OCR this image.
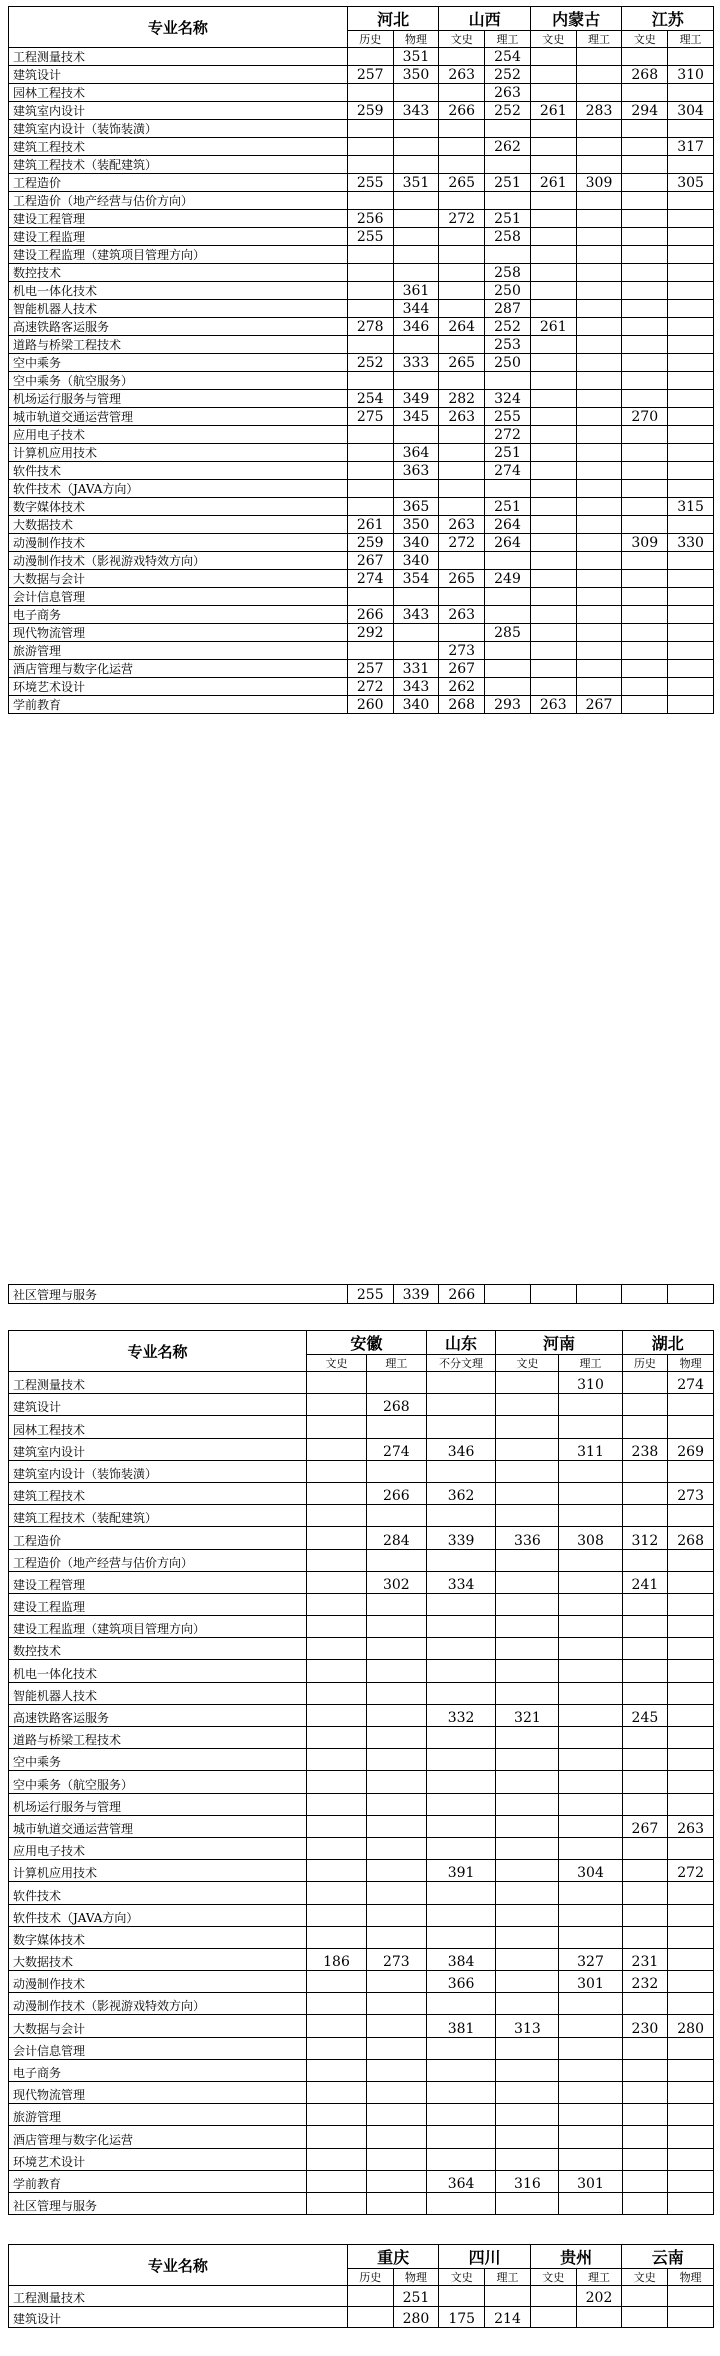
专业名称	河北		山西		内蒙古		江苏	
	历史	物理	文史	理工	文史	理工	文史	理工
工程测量技术		351		254				
建筑设计	257	350	263	252			268	310
园林工程技术				263				
建筑室内设计	259	343	266	252	261	283	294	304
建筑室内设计（装饰装潢）								
建筑工程技术				262				317
建筑工程技术（装配建筑）								
工程造价	255	351	265	251	261	309		305
工程造价（地产经营与估价方向）								
建设工程管理	256		272	251				
建设工程监理	255			258				
建设工程监理（建筑项目管理方向）								
数控技术				258				
机电一体化技术		361		250				
智能机器人技术		344		287				
高速铁路客运服务	278	346	264	252	261			
道路与桥梁工程技术				253				
空中乘务	252	333	265	250				
空中乘务（航空服务）								
机场运行服务与管理	254	349	282	324				
城市轨道交通运营管理	275	345	263	255			270	
应用电子技术				272				
计算机应用技术		364		251				
软件技术		363		274				
软件技术（JAVA方向）								
数字媒体技术		365		251				315
大数据技术	261	350	263	264				
动漫制作技术	259	340	272	264			309	330
动漫制作技术（影视游戏特效方向）	267	340						
大数据与会计	274	354	265	249				
会计信息管理								
电子商务	266	343	263					
现代物流管理	292			285				
旅游管理			273					
酒店管理与数字化运营	257	331	267					
环境艺术设计	272	343	262					
学前教育	260	340	268	293	263	267		
社区管理与服务	255	339	266					
专业名称	安徽		山东	河南		湖北	
	文史	理工	不分文理	文史	理工	历史	物理
工程测量技术					310		274
建筑设计		268					
园林工程技术							
建筑室内设计		274	346		311	238	269
建筑室内设计（装饰装潢）							
建筑工程技术		266	362				273
建筑工程技术（装配建筑）							
工程造价		284	339	336	308	312	268
工程造价（地产经营与估价方向）							
建设工程管理		302	334			241	
建设工程监理							
建设工程监理（建筑项目管理方向）							
数控技术							
机电一体化技术							
智能机器人技术							
高速铁路客运服务			332	321		245	
道路与桥梁工程技术							
空中乘务							
空中乘务（航空服务）							
机场运行服务与管理							
城市轨道交通运营管理						267	263
应用电子技术							
计算机应用技术			391		304		272
软件技术							
软件技术（JAVA方向）							
数字媒体技术							
大数据技术	186	273	384		327	231	
动漫制作技术			366		301	232	
动漫制作技术（影视游戏特效方向）							
大数据与会计			381	313		230	280
会计信息管理							
电子商务							
现代物流管理							
旅游管理							
酒店管理与数字化运营							
环境艺术设计							
学前教育			364	316	301		
社区管理与服务							
专业名称	重庆		四川		贵州		云南	
	历史	物理	文史	理工	文史	理工	文史	物理
工程测量技术		251				202		
建筑设计		280	175	214				
